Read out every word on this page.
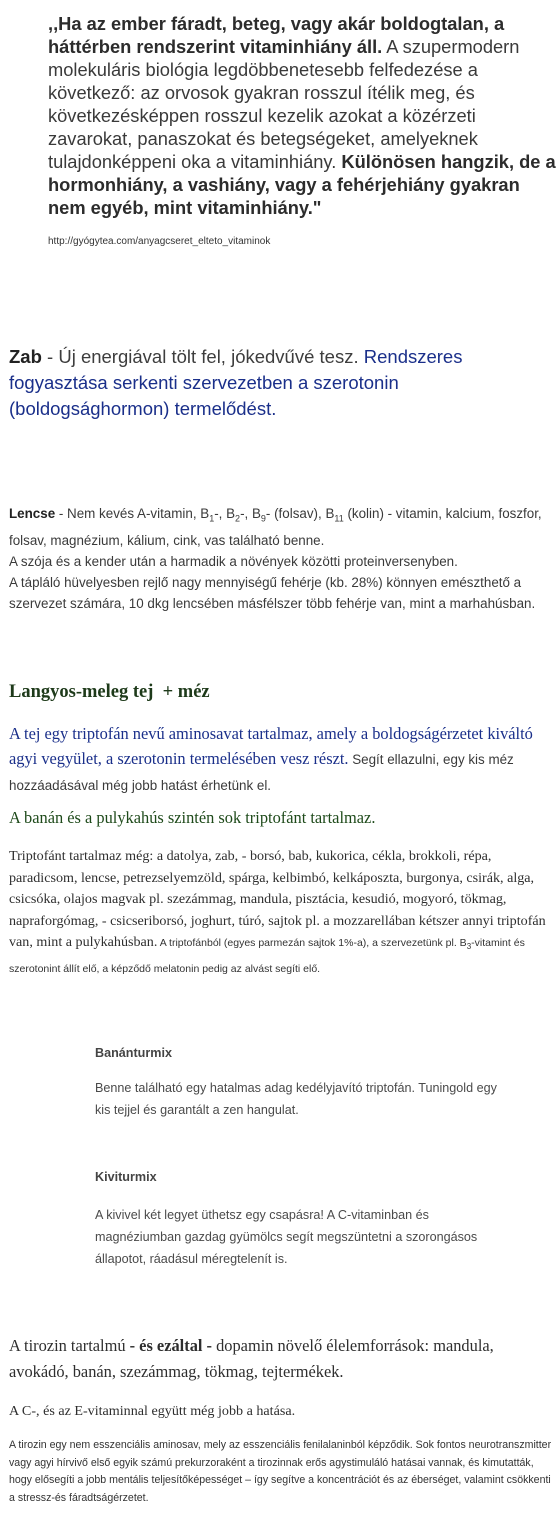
,,Ha az ember fáradt, beteg, vagy akár boldogtalan, a háttérben rendszerint vitaminhiány áll. A szupermodern molekuláris biológia legdöbbenetesebb felfedezése a következő: az orvosok gyakran rosszul ítélik meg, és következésképpen rosszul kezelik azokat a közérzeti zavarokat, panaszokat és betegségeket, amelyeknek tulajdonképpeni oka a vitaminhiány. Különösen hangzik, de a hormonhiány, a vashiány, vagy a fehérjehiány gyakran nem egyéb, mint vitaminhiány."
http://gyógytea.com/anyagcseret_elteto_vitaminok
Zab - Új energiával tölt fel, jókedvűvé tesz. Rendszeres fogyasztása serkenti szervezetben a szerotonin (boldogsághormon) termelődést.
Lencse - Nem kevés A-vitamin, $B_1-$, $B_2-$, $B_9-$ (folsav), $B_{11}$ (kolin) - vitamin, kalcium, foszfor, folsav, magnézium, kálium, cink, vas található benne.
A szója és a kender után a harmadik a növények közötti proteinversenyben.
A tápláló hüvelyesben rejlő nagy mennyiségű fehérje (kb. 28%) könnyen emészthető a szervezet számára, 10 dkg lencsében másfélszer több fehérje van, mint a marhahúsban.
Langyos-meleg tej  + méz
A tej egy triptofán nevű aminosavat tartalmaz, amely a boldogságérzetet kiváltó agyi vegyület, a szerotonin termelésében vesz részt. Segít ellazulni, egy kis méz hozzáadásával még jobb hatást érhetünk el.
A banán és a pulykahús szintén sok triptofánt tartalmaz.
Triptofánt tartalmaz még: a datolya, zab, - borsó, bab, kukorica, cékla, brokkoli, répa, paradicsom, lencse, petrezselyemzöld, spárga, kelbimbó, kelkáposzta, burgonya, csirák, alga, csicsóka, olajos magvak pl. szezámmag, mandula, pisztácia, kesudió, mogyoró, tökmag, napraforgómag, - csicseriborsó, joghurt, túró, sajtok pl. a mozzarellában kétszer annyi triptofán van, mint a pulykahúsban. A triptofánból (egyes parmezán sajtok 1%-a), a szervezetünk pl. $B_3$-vitamint és szerotonint állít elő, a képződő melatonin pedig az alvást segíti elő.
Banánturmix
Benne található egy hatalmas adag kedélyjavító triptofán. Tuningold egy kis tejjel és garantált a zen hangulat.
Kiviturmix
A kivivel két legyet üthetsz egy csapásra! A C-vitaminban és magnéziumban gazdag gyümölcs segít megszüntetni a szorongásos állapotot, ráadásul méregtelenít is.
A tirozin tartalmú - és ezáltal - dopamin növelő élelemforrások: mandula, avokádó, banán, szezámmag, tökmag, tejtermékek.
A C-, és az E-vitaminnal együtt még jobb a hatása.
A tirozin egy nem esszenciális aminosav, mely az esszenciális fenilalaninból képződik. Sok fontos neurotranszmitter vagy agyi hírvivő első egyik számú prekurzoraként a tirozinnak erős agystimuláló hatásai vannak, és kimutatták, hogy elősegíti a jobb mentális teljesítőképességet – így segítve a koncentrációt és az éberséget, valamint csökkenti a stressz-és fáradtságérzetet.
